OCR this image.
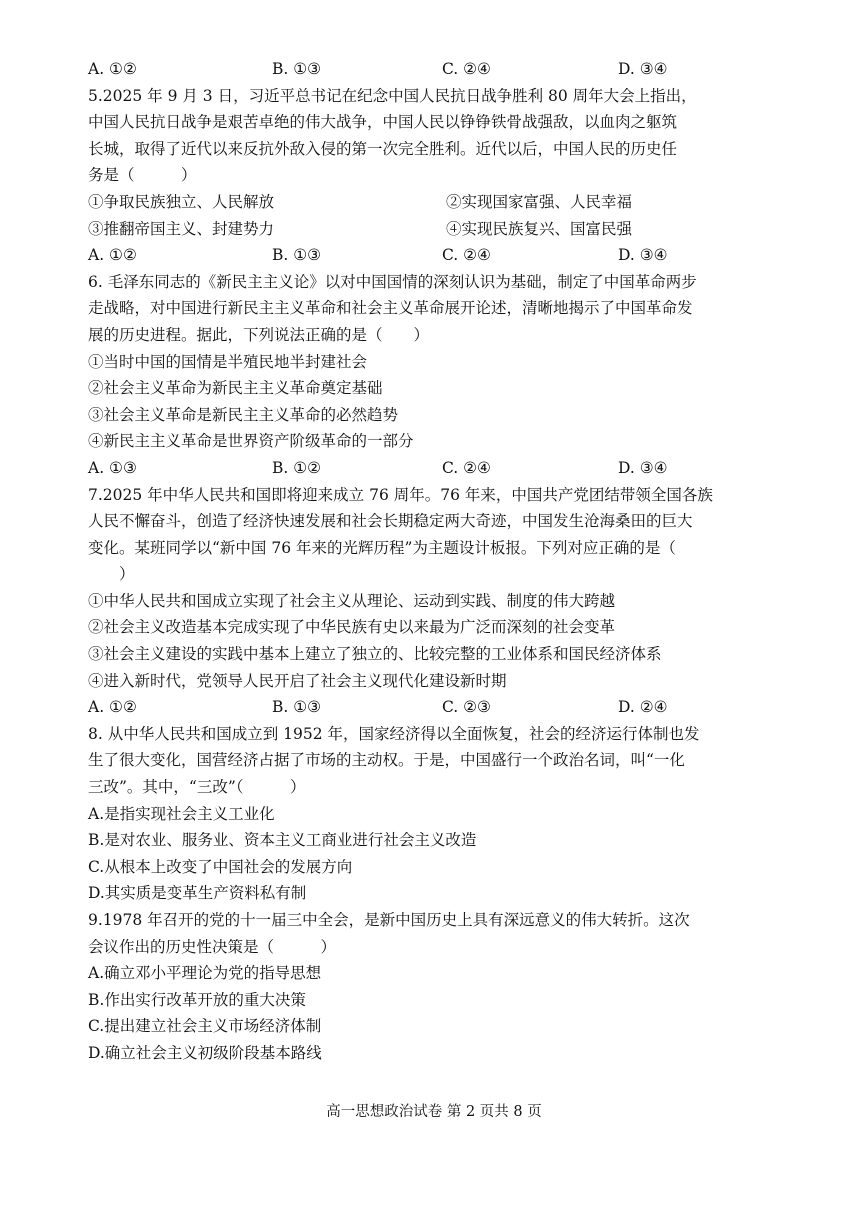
A. ①②	B. ①③	C. ②④	D. ③④
5.2025 年 9 月 3 日，习近平总书记在纪念中国人民抗日战争胜利 80 周年大会上指出，
中国人民抗日战争是艰苦卓绝的伟大战争，中国人民以铮铮铁骨战强敌，以血肉之躯筑
长城，取得了近代以来反抗外敌入侵的第一次完全胜利。近代以后，中国人民的历史任
务是（　　　）
①争取民族独立、人民解放	②实现国家富强、人民幸福
③推翻帝国主义、封建势力	④实现民族复兴、国富民强
A. ①②	B. ①③	C. ②④	D. ③④
6. 毛泽东同志的《新民主主义论》以对中国国情的深刻认识为基础，制定了中国革命两步
走战略，对中国进行新民主主义革命和社会主义革命展开论述，清晰地揭示了中国革命发
展的历史进程。据此，下列说法正确的是（　　）
①当时中国的国情是半殖民地半封建社会
②社会主义革命为新民主主义革命奠定基础
③社会主义革命是新民主主义革命的必然趋势
④新民主主义革命是世界资产阶级革命的一部分
A. ①③	B. ①②	C. ②④	D. ③④
7.2025 年中华人民共和国即将迎来成立 76 周年。76 年来，中国共产党团结带领全国各族
人民不懈奋斗，创造了经济快速发展和社会长期稳定两大奇迹，中国发生沧海桑田的巨大
变化。某班同学以“新中国 76 年来的光辉历程”为主题设计板报。下列对应正确的是（
　　）
①中华人民共和国成立实现了社会主义从理论、运动到实践、制度的伟大跨越
②社会主义改造基本完成实现了中华民族有史以来最为广泛而深刻的社会变革
③社会主义建设的实践中基本上建立了独立的、比较完整的工业体系和国民经济体系
④进入新时代，党领导人民开启了社会主义现代化建设新时期
A. ①②	B. ①③	C. ②③	D. ②④
8. 从中华人民共和国成立到 1952 年，国家经济得以全面恢复，社会的经济运行体制也发
生了很大变化，国营经济占据了市场的主动权。于是，中国盛行一个政治名词，叫“一化
三改”。其中，“三改”（　　　）
A.是指实现社会主义工业化
B.是对农业、服务业、资本主义工商业进行社会主义改造
C.从根本上改变了中国社会的发展方向
D.其实质是变革生产资料私有制
9.1978 年召开的党的十一届三中全会，是新中国历史上具有深远意义的伟大转折。这次
会议作出的历史性决策是（　　　）
A.确立邓小平理论为党的指导思想
B.作出实行改革开放的重大决策
C.提出建立社会主义市场经济体制
D.确立社会主义初级阶段基本路线
高一思想政治试卷 第 2 页共 8 页
